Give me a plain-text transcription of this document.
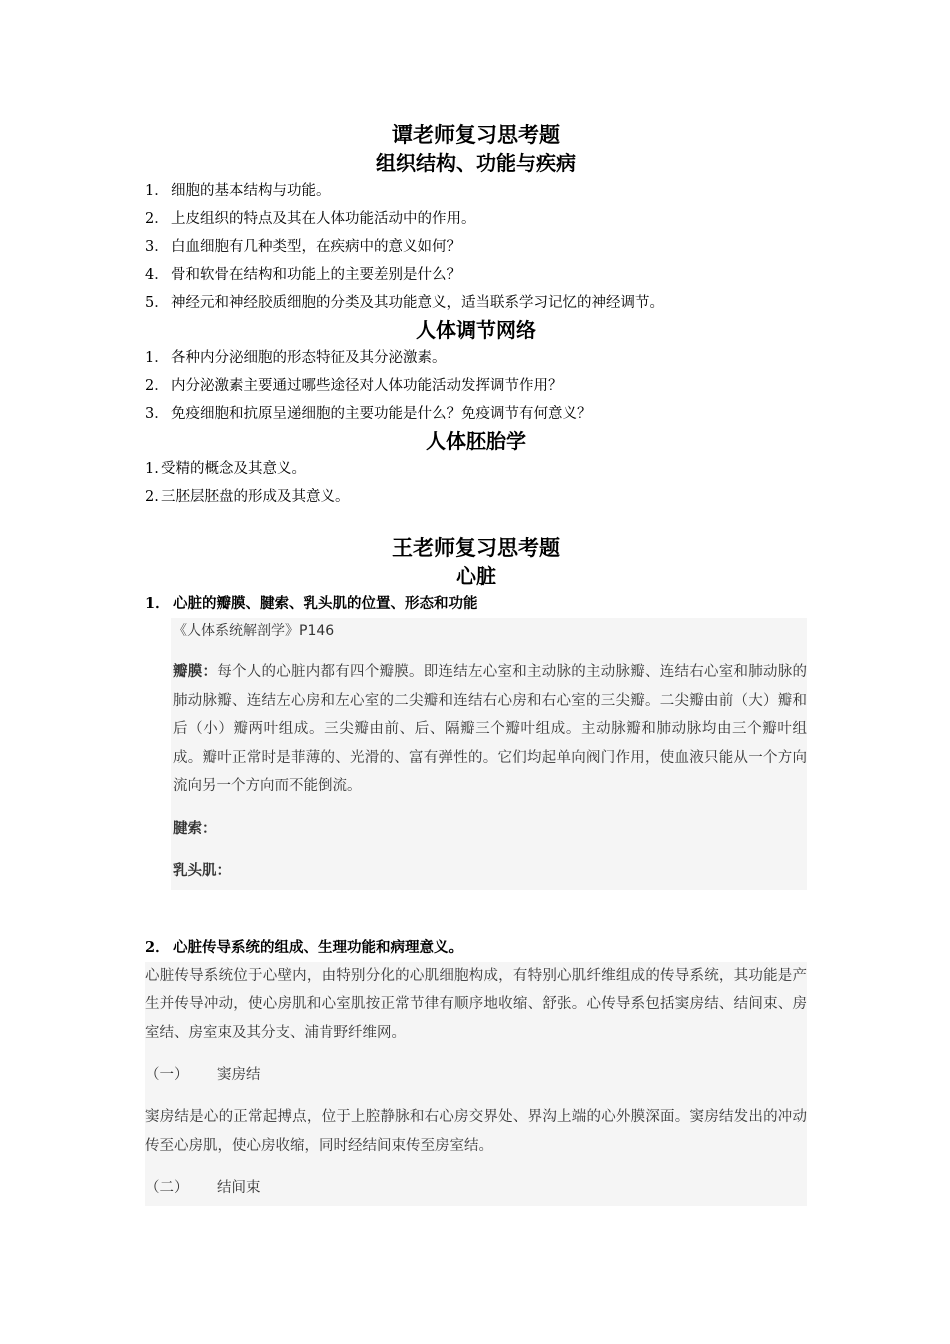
谭老师复习思考题
组织结构、功能与疾病

1． 细胞的基本结构与功能。

2． 上皮组织的特点及其在人体功能活动中的作用。

3． 白血细胞有几种类型，在疾病中的意义如何？

4． 骨和软骨在结构和功能上的主要差别是什么？

5． 神经元和神经胶质细胞的分类及其功能意义，适当联系学习记忆的神经调节。

人体调节网络

1． 各种内分泌细胞的形态特征及其分泌激素。

2． 内分泌激素主要通过哪些途径对人体功能活动发挥调节作用？

3． 免疫细胞和抗原呈递细胞的主要功能是什么？免疫调节有何意义？

人体胚胎学

1. 受精的概念及其意义。

2. 三胚层胚盘的形成及其意义。

王老师复习思考题
心脏

1． 心脏的瓣膜、腱索、乳头肌的位置、形态和功能

《人体系统解剖学》P146

瓣膜：每个人的心脏内都有四个瓣膜。即连结左心室和主动脉的主动脉瓣、连结右心室和肺动脉的肺动脉瓣、连结左心房和左心室的二尖瓣和连结右心房和右心室的三尖瓣。二尖瓣由前（大）瓣和后（小）瓣两叶组成。三尖瓣由前、后、隔瓣三个瓣叶组成。主动脉瓣和肺动脉均由三个瓣叶组成。瓣叶正常时是菲薄的、光滑的、富有弹性的。它们均起单向阀门作用，使血液只能从一个方向流向另一个方向而不能倒流。

腱索：

乳头肌：

2． 心脏传导系统的组成、生理功能和病理意义。

心脏传导系统位于心壁内，由特别分化的心肌细胞构成，有特别心肌纤维组成的传导系统，其功能是产生并传导冲动，使心房肌和心室肌按正常节律有顺序地收缩、舒张。心传导系包括窦房结、结间束、房室结、房室束及其分支、浦肯野纤维网。

（一） 窦房结

窦房结是心的正常起搏点，位于上腔静脉和右心房交界处、界沟上端的心外膜深面。窦房结发出的冲动传至心房肌，使心房收缩，同时经结间束传至房室结。

（二） 结间束
